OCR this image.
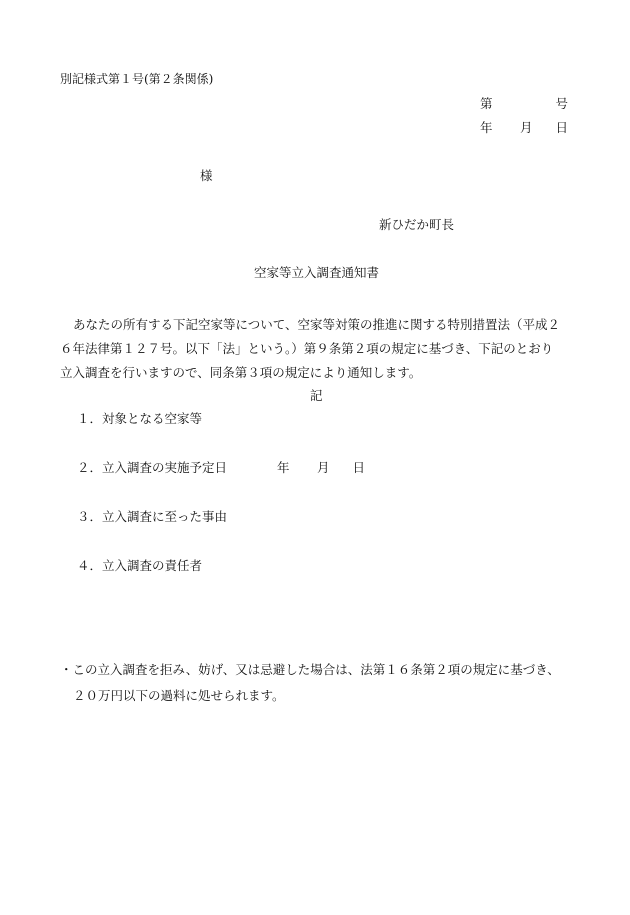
別記様式第１号(第２条関係)
第	号
年 月 日
様
新ひだか町長
空家等立入調査通知書
あなたの所有する下記空家等について、空家等対策の推進に関する特別措置法（平成２
６年法律第１２７号。以下「法」という。）第９条第２項の規定に基づき、下記のとおり
立入調査を行いますので、同条第３項の規定により通知します。
記
１．対象となる空家等
２．立入調査の実施予定日	年 月 日
３．立入調査に至った事由
４．立入調査の責任者
・この立入調査を拒み、妨げ、又は忌避した場合は、法第１６条第２項の規定に基づき、
２０万円以下の過料に処せられます。
